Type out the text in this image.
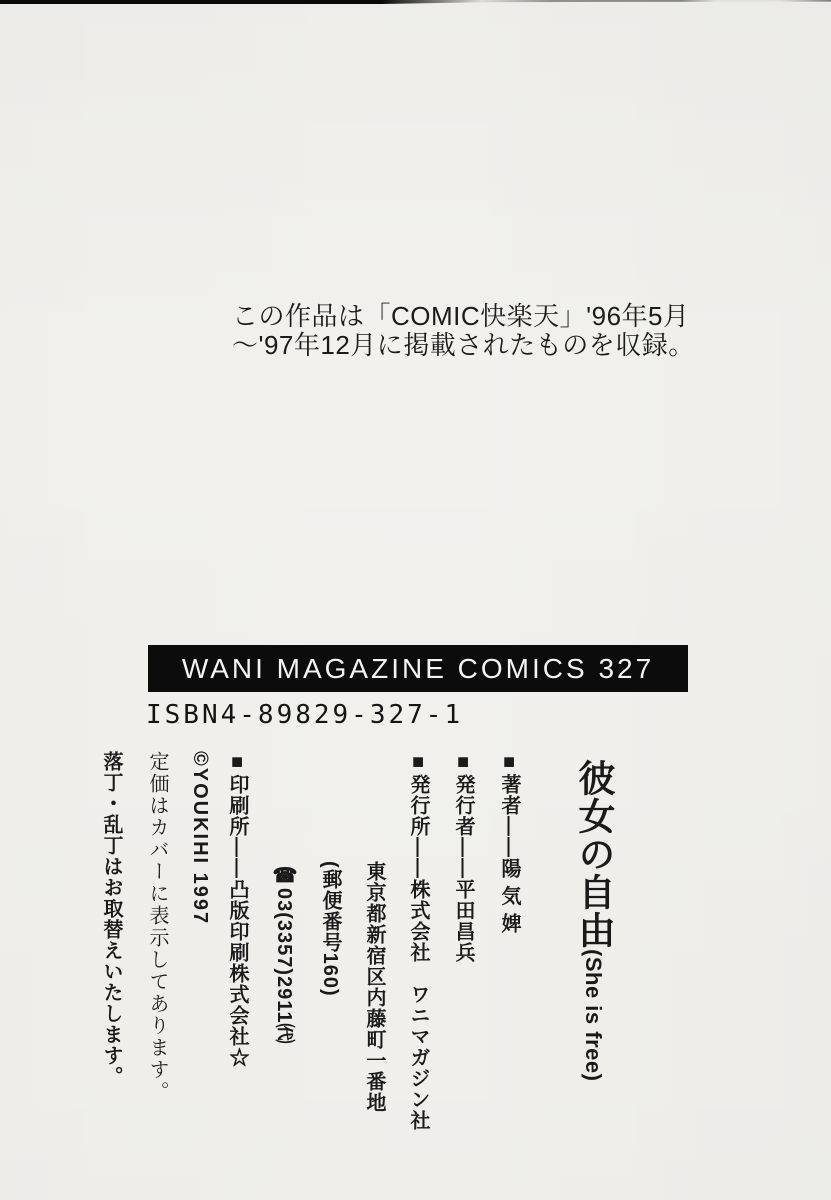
この作品は「COMIC快楽天」'96年5月
～'97年12月に掲載されたものを収録。
WANI MAGAZINE COMICS 327
ISBN4-89829-327-1
彼女の自由(She is free)
■著者——陽 気 婢
■発行者——平田昌兵
■発行所——株式会社　ワニマガジン社
東京都新宿区内藤町一番地
(郵便番号160)
☎03(3357)2911㈹
■印刷所——凸版印刷株式会社☆
©YOUKIHI 1997
定価はカバーに表示してあります。
落丁・乱丁はお取替えいたします。
